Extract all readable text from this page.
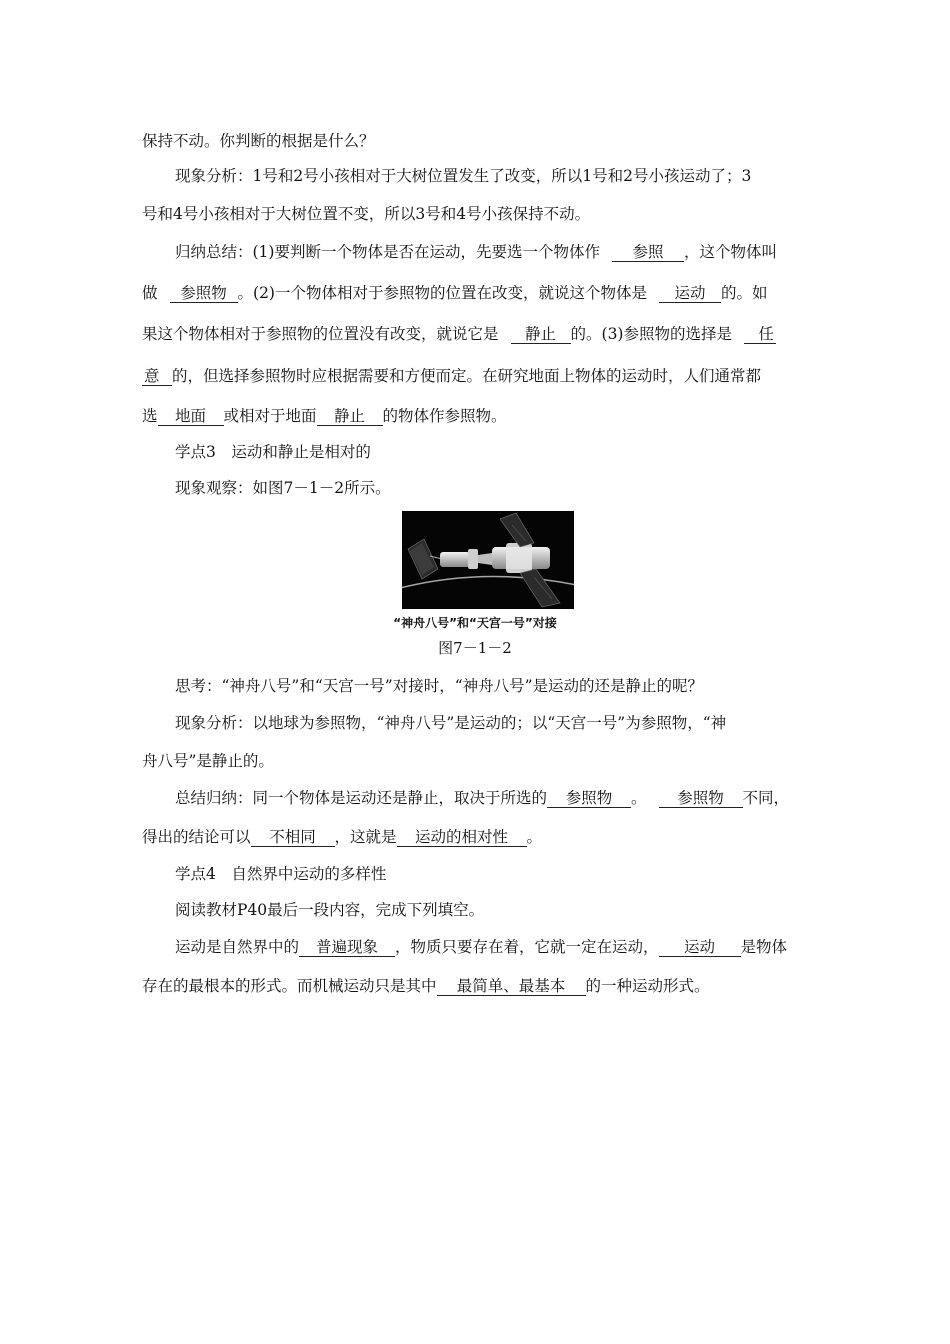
保持不动。你判断的根据是什么？
现象分析：1号和2号小孩相对于大树位置发生了改变，所以1号和2号小孩运动了；3
号和4号小孩相对于大树位置不变，所以3号和4号小孩保持不动。
归纳总结：(1)要判断一个物体是否在运动，先要选一个物体作 参照 ，这个物体叫
做 参照物 。(2)一个物体相对于参照物的位置在改变，就说这个物体是 运动 的。如
果这个物体相对于参照物的位置没有改变，就说它是 静止 的。(3)参照物的选择是 任
意 的，但选择参照物时应根据需要和方便而定。在研究地面上物体的运动时，人们通常都
选 地面 或相对于地面 静止 的物体作参照物。
学点3　运动和静止是相对的
现象观察：如图7－1－2所示。
“神舟八号”和“天宫一号”对接
图7－1－2
思考：“神舟八号”和“天宫一号”对接时，“神舟八号”是运动的还是静止的呢？
现象分析：以地球为参照物，“神舟八号”是运动的；以“天宫一号”为参照物，“神
舟八号”是静止的。
总结归纳：同一个物体是运动还是静止，取决于所选的 参照物 。 参照物 不同，
得出的结论可以 不相同 ，这就是 运动的相对性 。
学点4　自然界中运动的多样性
阅读教材P40最后一段内容，完成下列填空。
运动是自然界中的 普遍现象 ，物质只要存在着，它就一定在运动， 运动 是物体
存在的最根本的形式。而机械运动只是其中 最简单、最基本 的一种运动形式。
